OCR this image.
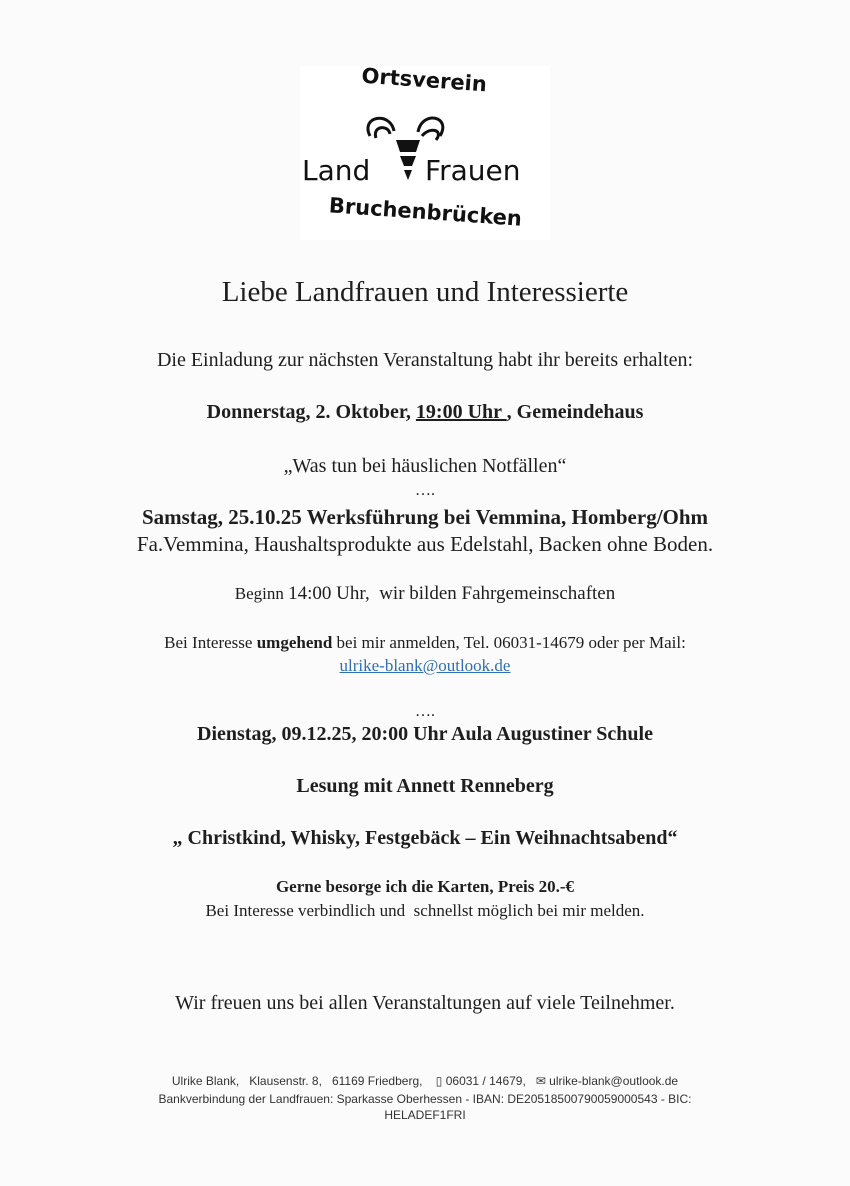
Ortsverein
Land Frauen
Bruchenbrücken
Liebe Landfrauen und Interessierte
Die Einladung zur nächsten Veranstaltung habt ihr bereits erhalten:
Donnerstag, 2. Oktober, 19:00 Uhr , Gemeindehaus
„Was tun bei häuslichen Notfällen“
….
Samstag, 25.10.25 Werksführung bei Vemmina, Homberg/Ohm
Fa.Vemmina, Haushaltsprodukte aus Edelstahl, Backen ohne Boden.
Beginn 14:00 Uhr,  wir bilden Fahrgemeinschaften
Bei Interesse umgehend bei mir anmelden, Tel. 06031-14679 oder per Mail:
ulrike-blank@outlook.de
….
Dienstag, 09.12.25, 20:00 Uhr Aula Augustiner Schule
Lesung mit Annett Renneberg
„ Christkind, Whisky, Festgebäck – Ein Weihnachtsabend“
Gerne besorge ich die Karten, Preis 20.-€
Bei Interesse verbindlich und  schnellst möglich bei mir melden.
Wir freuen uns bei allen Veranstaltungen auf viele Teilnehmer.
Ulrike Blank,   Klausenstr. 8,   61169 Friedberg,    ▯ 06031 / 14679,   ✉ ulrike-blank@outlook.de
Bankverbindung der Landfrauen: Sparkasse Oberhessen - IBAN: DE20518500790059000543 - BIC: HELADEF1FRI
